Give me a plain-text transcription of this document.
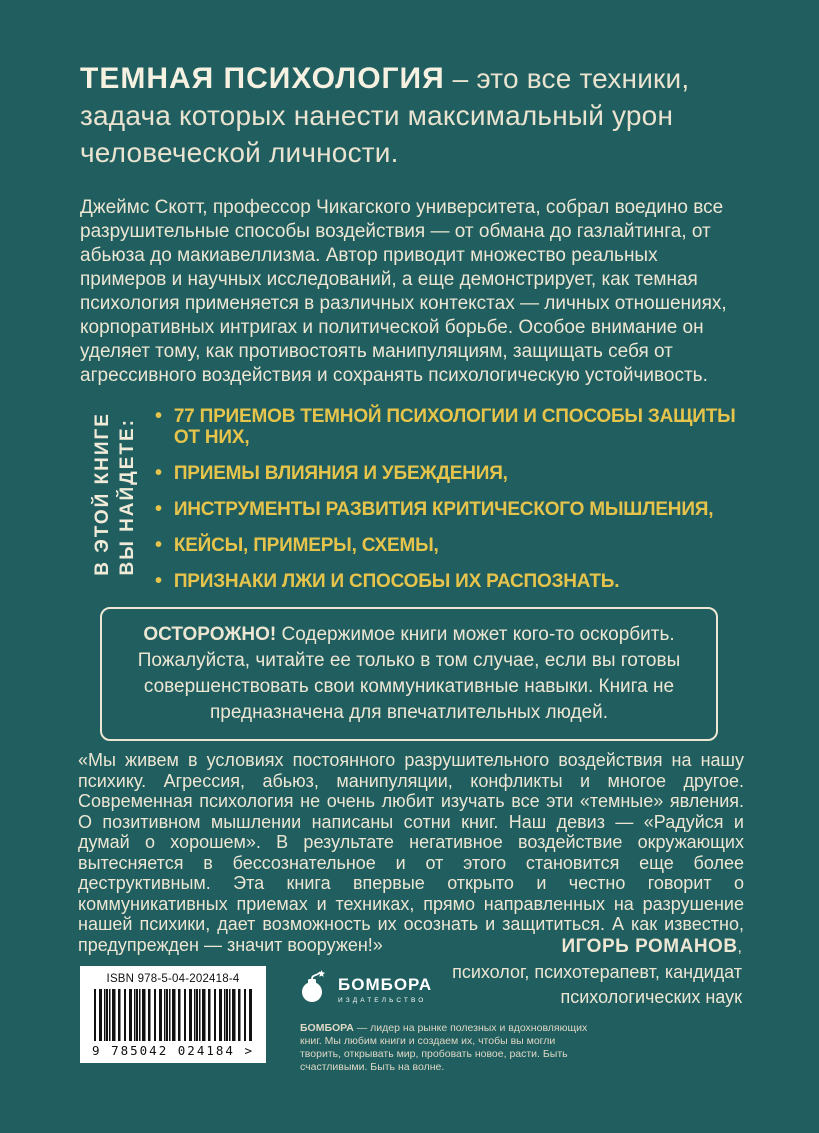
ТЕМНАЯ ПСИХОЛОГИЯ – это все техники, задача которых нанести максимальный урон человеческой личности.

Джеймс Скотт, профессор Чикагского университета, собрал воедино все разрушительные способы воздействия — от обмана до газлайтинга, от абьюза до макиавеллизма. Автор приводит множество реальных примеров и научных исследований, а еще демонстрирует, как темная психология применяется в различных контекстах — личных отношениях, корпоративных интригах и политической борьбе. Особое внимание он уделяет тому, как противостоять манипуляциям, защищать себя от агрессивного воздействия и сохранять психологическую устойчивость.

В ЭТОЙ КНИГЕ ВЫ НАЙДЕТЕ:
• 77 ПРИЕМОВ ТЕМНОЙ ПСИХОЛОГИИ И СПОСОБЫ ЗАЩИТЫ ОТ НИХ,
• ПРИЕМЫ ВЛИЯНИЯ И УБЕЖДЕНИЯ,
• ИНСТРУМЕНТЫ РАЗВИТИЯ КРИТИЧЕСКОГО МЫШЛЕНИЯ,
• КЕЙСЫ, ПРИМЕРЫ, СХЕМЫ,
• ПРИЗНАКИ ЛЖИ И СПОСОБЫ ИХ РАСПОЗНАТЬ.
ОСТОРОЖНО! Содержимое книги может кого-то оскорбить. Пожалуйста, читайте ее только в том случае, если вы готовы совершенствовать свои коммуникативные навыки. Книга не предназначена для впечатлительных людей.

«Мы живем в условиях постоянного разрушительного воздействия на нашу психику. Агрессия, абьюз, манипуляции, конфликты и многое другое. Современная психология не очень любит изучать все эти «темные» явления. О позитивном мышлении написаны сотни книг. Наш девиз — «Радуйся и думай о хорошем». В результате негативное воздействие окружающих вытесняется в бессознательное и от этого становится еще более деструктивным. Эта книга впервые открыто и честно говорит о коммуникативных приемах и техниках, прямо направленных на разрушение нашей психики, дает возможность их осознать и защититься. А как известно, предупрежден — значит вооружен!»	ИГОРЬ РОМАНОВ,
психолог, психотерапевт, кандидат
психологических наук
ISBN 978-5-04-202418-4
9 785042 024184 >
БОМБОРА
ИЗДАТЕЛЬСТВО

БОМБОРА — лидер на рынке полезных и вдохновляющих книг. Мы любим книги и создаем их, чтобы вы могли творить, открывать мир, пробовать новое, расти. Быть счастливыми. Быть на волне.
